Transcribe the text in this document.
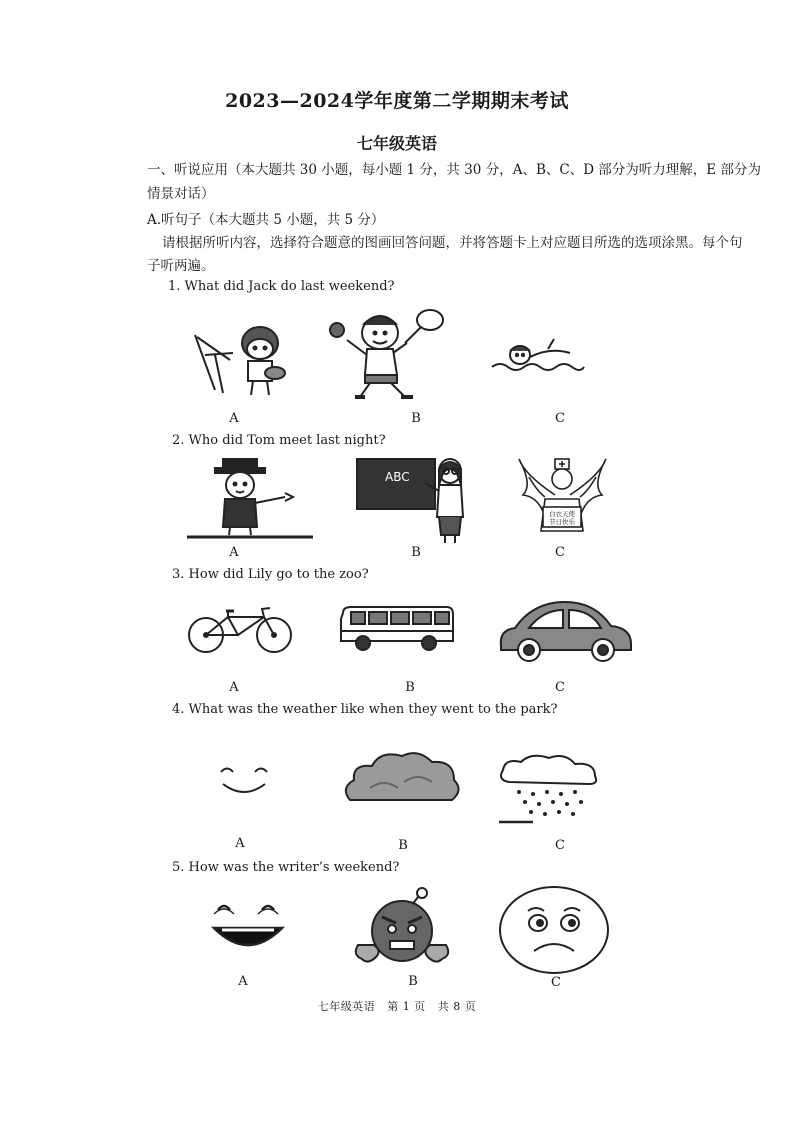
2023—2024学年度第二学期期末考试
七年级英语
一、听说应用（本大题共 30 小题，每小题 1 分，共 30 分，A、B、C、D 部分为听力理解，E 部分为
情景对话）
A.听句子（本大题共 5 小题，共 5 分）
请根据所听内容，选择符合题意的图画回答问题，并将答题卡上对应题目所选的选项涂黑。每个句
子听两遍。
1. What did Jack do last weekend?
A	B	C
2. Who did Tom meet last night?
ABC
白衣天使
节日快乐
A	B	C
3. How did Lily go to the zoo?
A	B	C
4. What was the weather like when they went to the park?
A	B	C
5. How was the writer’s weekend?
A	B	C
七年级英语   第 1 页   共 8 页
